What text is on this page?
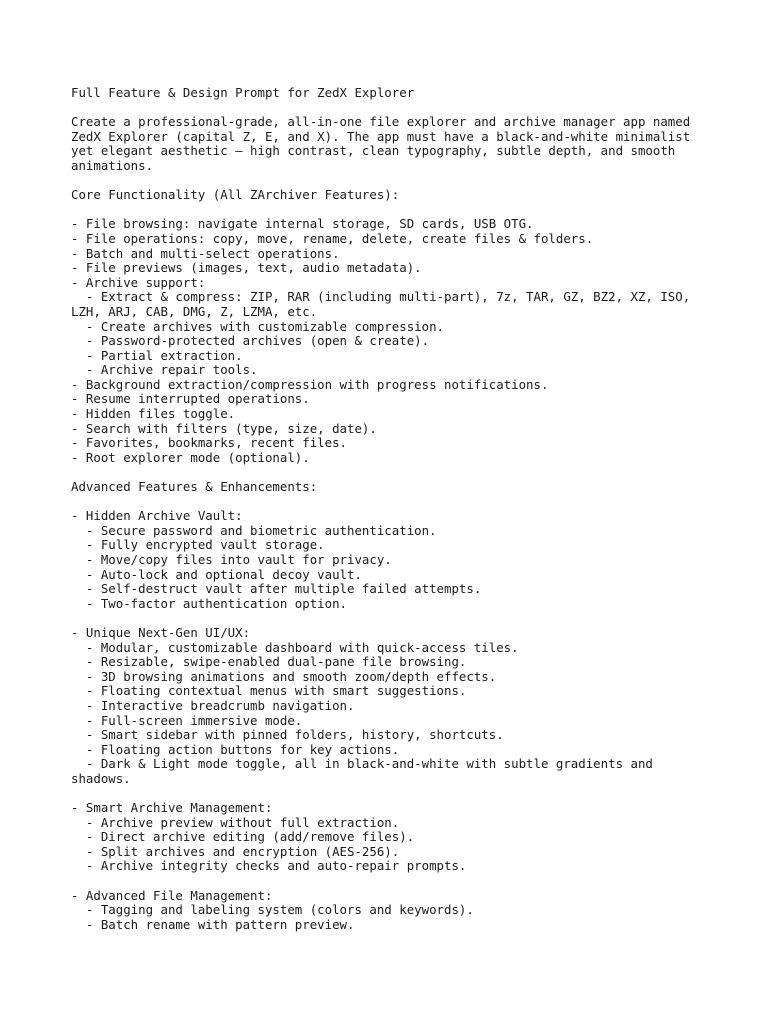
Full Feature & Design Prompt for ZedX Explorer
Create a professional-grade, all-in-one file explorer and archive manager app named
ZedX Explorer (capital Z, E, and X). The app must have a black-and-white minimalist
yet elegant aesthetic — high contrast, clean typography, subtle depth, and smooth
animations.
Core Functionality (All ZArchiver Features):
- File browsing: navigate internal storage, SD cards, USB OTG.
- File operations: copy, move, rename, delete, create files & folders.
- Batch and multi-select operations.
- File previews (images, text, audio metadata).
- Archive support:
- Extract & compress: ZIP, RAR (including multi-part), 7z, TAR, GZ, BZ2, XZ, ISO,
LZH, ARJ, CAB, DMG, Z, LZMA, etc.
- Create archives with customizable compression.
- Password-protected archives (open & create).
- Partial extraction.
- Archive repair tools.
- Background extraction/compression with progress notifications.
- Resume interrupted operations.
- Hidden files toggle.
- Search with filters (type, size, date).
- Favorites, bookmarks, recent files.
- Root explorer mode (optional).
Advanced Features & Enhancements:
- Hidden Archive Vault:
- Secure password and biometric authentication.
- Fully encrypted vault storage.
- Move/copy files into vault for privacy.
- Auto-lock and optional decoy vault.
- Self-destruct vault after multiple failed attempts.
- Two-factor authentication option.
- Unique Next-Gen UI/UX:
- Modular, customizable dashboard with quick-access tiles.
- Resizable, swipe-enabled dual-pane file browsing.
- 3D browsing animations and smooth zoom/depth effects.
- Floating contextual menus with smart suggestions.
- Interactive breadcrumb navigation.
- Full-screen immersive mode.
- Smart sidebar with pinned folders, history, shortcuts.
- Floating action buttons for key actions.
- Dark & Light mode toggle, all in black-and-white with subtle gradients and
shadows.
- Smart Archive Management:
- Archive preview without full extraction.
- Direct archive editing (add/remove files).
- Split archives and encryption (AES-256).
- Archive integrity checks and auto-repair prompts.
- Advanced File Management:
- Tagging and labeling system (colors and keywords).
- Batch rename with pattern preview.
